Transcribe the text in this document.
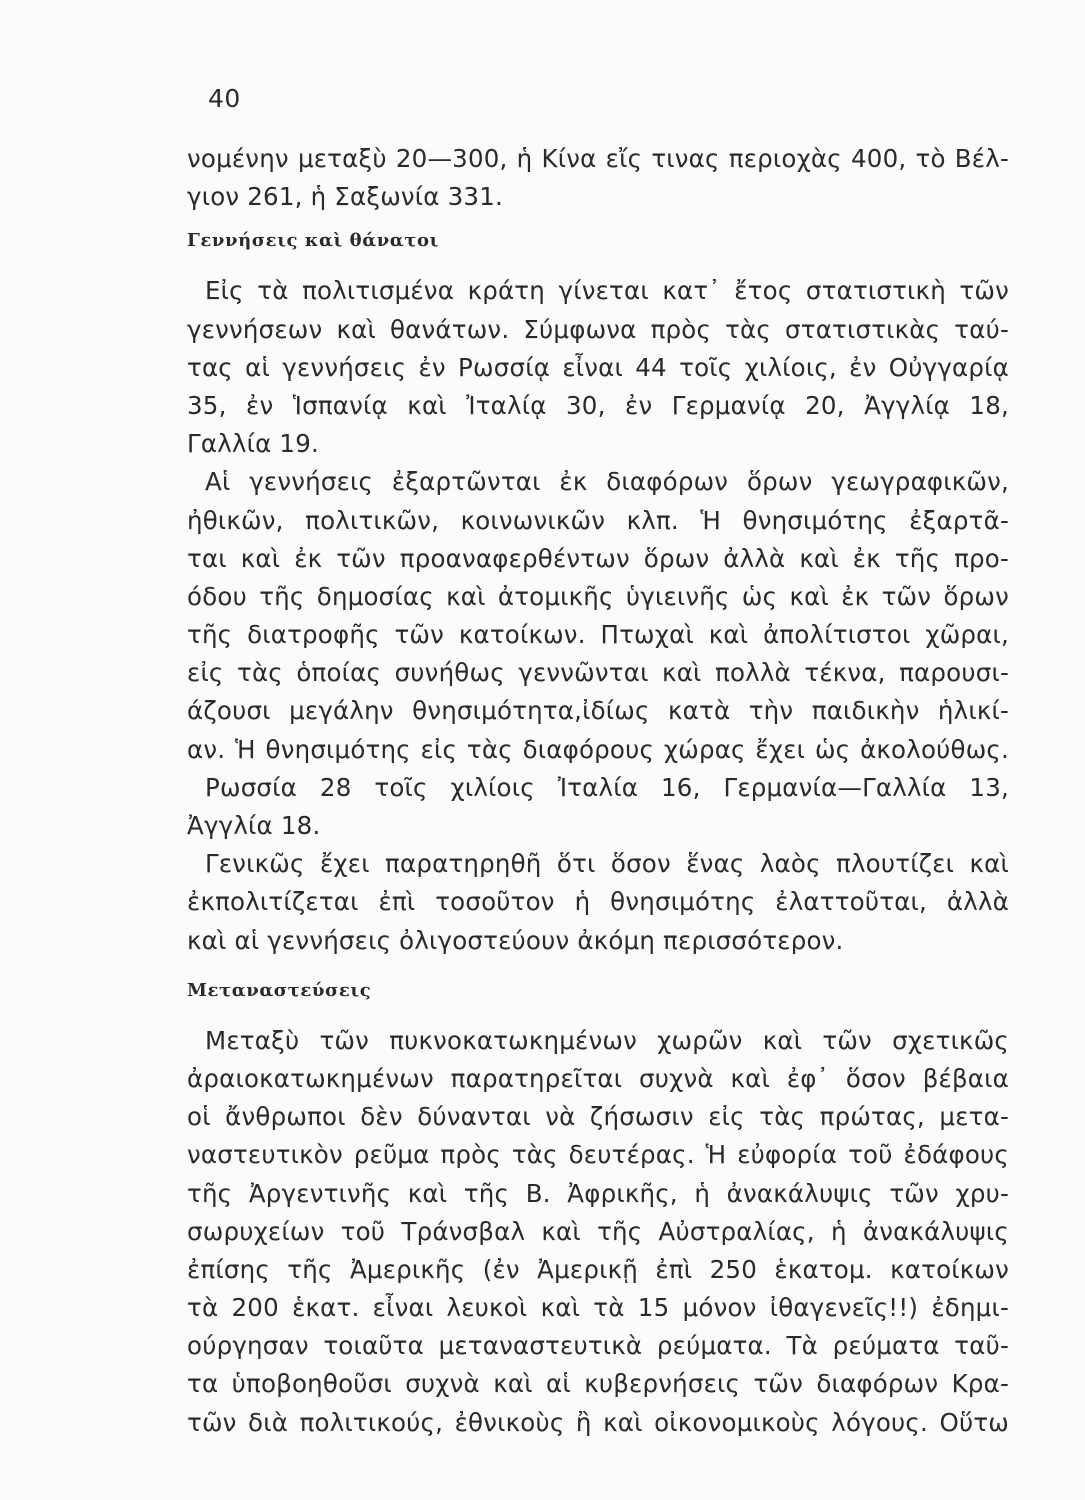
40
νομένην μεταξὺ 20—300, ἡ Κίνα εἴς τινας περιοχὰς 400, τὸ Βέλ-
γιον 261, ἡ Σαξωνία 331.
Γεννήσεις καὶ θάνατοι
Εἰς τὰ πολιτισμένα κράτη γίνεται κατ᾽ ἔτος στατιστικὴ τῶν
γεννήσεων καὶ θανάτων. Σύμφωνα πρὸς τὰς στατιστικὰς ταύ-
τας αἱ γεννήσεις ἐν Ρωσσίᾳ εἶναι 44 τοῖς χιλίοις, ἐν Οὐγγαρίᾳ
35, ἐν Ἱσπανίᾳ καὶ Ἰταλίᾳ 30, ἐν Γερμανίᾳ 20, Ἀγγλίᾳ 18,
Γαλλία 19.
Αἱ γεννήσεις ἐξαρτῶνται ἐκ διαφόρων ὅρων γεωγραφικῶν,
ἠθικῶν, πολιτικῶν, κοινωνικῶν κλπ. Ἡ θνησιμότης ἐξαρτᾶ-
ται καὶ ἐκ τῶν προαναφερθέντων ὅρων ἀλλὰ καὶ ἐκ τῆς προ-
όδου τῆς δημοσίας καὶ ἀτομικῆς ὑγιεινῆς ὡς καὶ ἐκ τῶν ὅρων
τῆς διατροφῆς τῶν κατοίκων. Πτωχαὶ καὶ ἀπολίτιστοι χῶραι,
εἰς τὰς ὁποίας συνήθως γεννῶνται καὶ πολλὰ τέκνα, παρουσι-
άζουσι μεγάλην θνησιμότητα,ἰδίως κατὰ τὴν παιδικὴν ἡλικί-
αν. Ἡ θνησιμότης εἰς τὰς διαφόρους χώρας ἔχει ὡς ἀκολούθως.
Ρωσσία 28 τοῖς χιλίοις Ἰταλία 16, Γερμανία—Γαλλία 13,
Ἀγγλία 18.
Γενικῶς ἔχει παρατηρηθῆ ὅτι ὅσον ἕνας λαὸς πλουτίζει καὶ
ἐκπολιτίζεται ἐπὶ τοσοῦτον ἡ θνησιμότης ἐλαττοῦται, ἀλλὰ
καὶ αἱ γεννήσεις ὀλιγοστεύουν ἀκόμη περισσότερον.
Μεταναστεύσεις
Μεταξὺ τῶν πυκνοκατωκημένων χωρῶν καὶ τῶν σχετικῶς
ἀραιοκατωκημένων παρατηρεῖται συχνὰ καὶ ἐφ᾽ ὅσον βέβαια
οἱ ἄνθρωποι δὲν δύνανται νὰ ζήσωσιν εἰς τὰς πρώτας, μετα-
ναστευτικὸν ρεῦμα πρὸς τὰς δευτέρας. Ἡ εὐφορία τοῦ ἐδάφους
τῆς Ἀργεντινῆς καὶ τῆς Β. Ἀφρικῆς, ἡ ἀνακάλυψις τῶν χρυ-
σωρυχείων τοῦ Τράνσβαλ καὶ τῆς Αὐστραλίας, ἡ ἀνακάλυψις
ἐπίσης τῆς Ἀμερικῆς (ἐν Ἀμερικῇ ἐπὶ 250 ἑκατομ. κατοίκων
τὰ 200 ἑκατ. εἶναι λευκοὶ καὶ τὰ 15 μόνον ἰθαγενεῖς!!) ἐδημι-
ούργησαν τοιαῦτα μεταναστευτικὰ ρεύματα. Τὰ ρεύματα ταῦ-
τα ὑποβοηθοῦσι συχνὰ καὶ αἱ κυβερνήσεις τῶν διαφόρων Κρα-
τῶν διὰ πολιτικούς, ἐθνικοὺς ἢ καὶ οἰκονομικοὺς λόγους. Οὕτω
